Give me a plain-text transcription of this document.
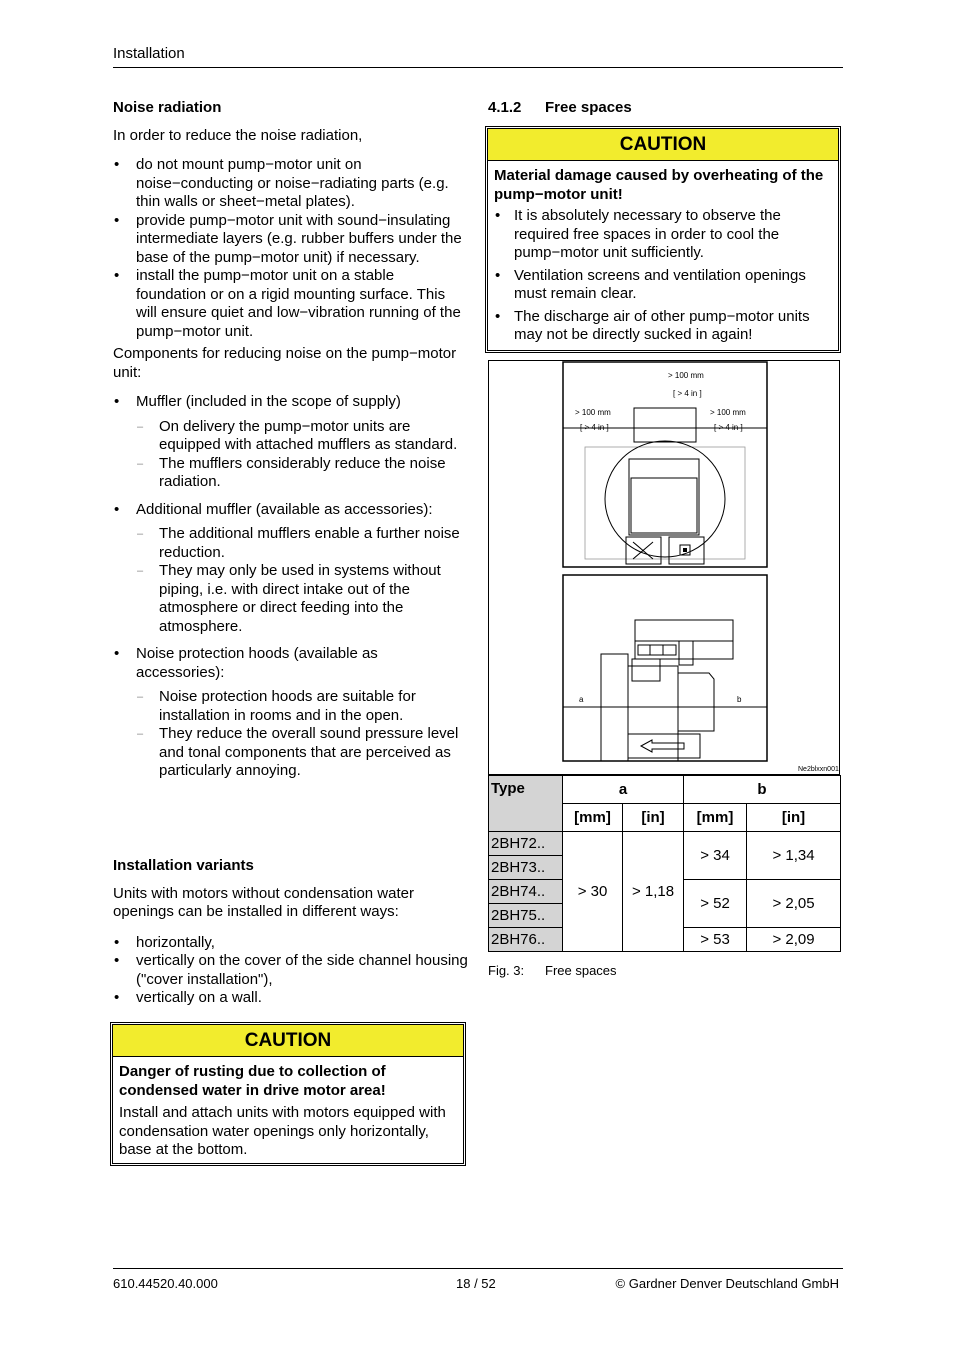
Installation
Noise radiation

In order to reduce the noise radiation,

• do not mount pump−motor unit on noise−conducting or noise−radiating parts (e.g. thin walls or sheet−metal plates).
• provide pump−motor unit with sound−insulating intermediate layers (e.g. rubber buffers under the base of the pump−motor unit) if necessary.
• install the pump−motor unit on a stable foundation or on a rigid mounting surface. This will ensure quiet and low−vibration running of the pump−motor unit.

Components for reducing noise on the pump−motor unit:

• Muffler (included in the scope of supply)
– On delivery the pump−motor units are equipped with attached mufflers as standard.
– The mufflers considerably reduce the noise radiation.
• Additional muffler (available as accessories):
– The additional mufflers enable a further noise reduction.
– They may only be used in systems without piping, i.e. with direct intake out of the atmosphere or direct feeding into the atmosphere.
• Noise protection hoods (available as accessories):
– Noise protection hoods are suitable for installation in rooms and in the open.
– They reduce the overall sound pressure level and tonal components that are perceived as particularly annoying.
Installation variants

Units with motors without condensation water openings can be installed in different ways:

• horizontally,
• vertically on the cover of the side channel housing ("cover installation"),
• vertically on a wall.
CAUTION
Danger of rusting due to collection of condensed water in drive motor area!
Install and attach units with motors equipped with condensation water openings only horizontally, base at the bottom.
4.1.2 Free spaces
CAUTION
Material damage caused by overheating of the pump−motor unit!
• It is absolutely necessary to observe the required free spaces in order to cool the pump−motor unit sufficiently.
• Ventilation screens and ventilation openings must remain clear.
• The discharge air of other pump−motor units may not be directly sucked in again!
> 100 mm
[ > 4 in ]
> 100 mm
[ > 4 in ]
> 100 mm
[ > 4 in ]
a	b
Ne2blxxn001
Type	a		b	
	[mm]	[in]	[mm]	[in]
2BH72..	> 30	> 1,18	> 34	> 1,34
2BH73..				
2BH74..			> 52	> 2,05
2BH75..				
2BH76..			> 53	> 2,09
Fig. 3: Free spaces
610.44520.40.000	18 / 52	© Gardner Denver Deutschland GmbH
